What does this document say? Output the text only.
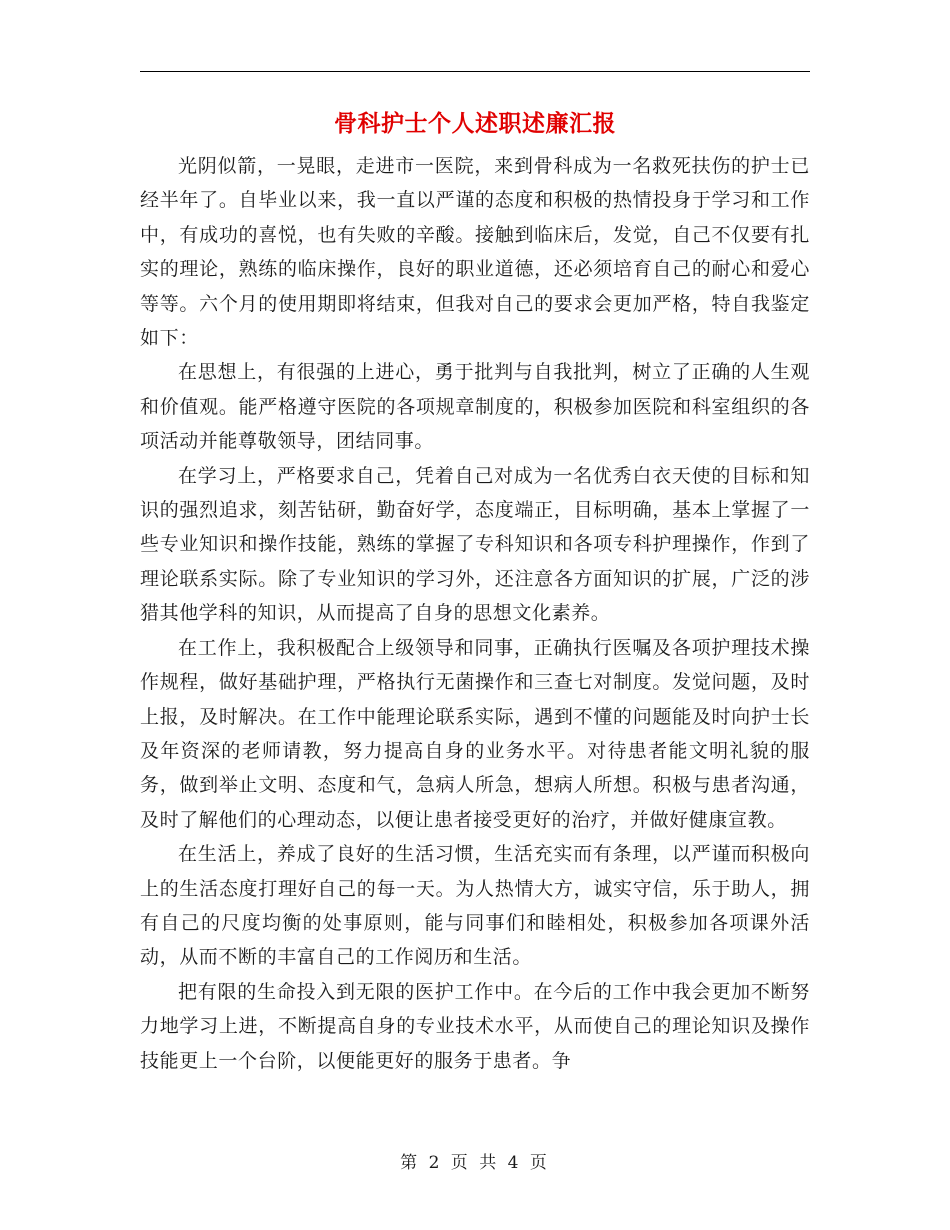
骨科护士个人述职述廉汇报

光阴似箭，一晃眼，走进市一医院，来到骨科成为一名救死扶伤的护士已经半年了。自毕业以来，我一直以严谨的态度和积极的热情投身于学习和工作中，有成功的喜悦，也有失败的辛酸。接触到临床后，发觉，自己不仅要有扎实的理论，熟练的临床操作，良好的职业道德，还必须培育自己的耐心和爱心等等。六个月的使用期即将结束，但我对自己的要求会更加严格，特自我鉴定如下：

在思想上，有很强的上进心，勇于批判与自我批判，树立了正确的人生观和价值观。能严格遵守医院的各项规章制度的，积极参加医院和科室组织的各项活动并能尊敬领导，团结同事。

在学习上，严格要求自己，凭着自己对成为一名优秀白衣天使的目标和知识的强烈追求，刻苦钻研，勤奋好学，态度端正，目标明确，基本上掌握了一些专业知识和操作技能，熟练的掌握了专科知识和各项专科护理操作，作到了理论联系实际。除了专业知识的学习外，还注意各方面知识的扩展，广泛的涉猎其他学科的知识，从而提高了自身的思想文化素养。

在工作上，我积极配合上级领导和同事，正确执行医嘱及各项护理技术操作规程，做好基础护理，严格执行无菌操作和三查七对制度。发觉问题，及时上报，及时解决。在工作中能理论联系实际，遇到不懂的问题能及时向护士长及年资深的老师请教，努力提高自身的业务水平。对待患者能文明礼貌的服务，做到举止文明、态度和气，急病人所急，想病人所想。积极与患者沟通，及时了解他们的心理动态，以便让患者接受更好的治疗，并做好健康宣教。

在生活上，养成了良好的生活习惯，生活充实而有条理，以严谨而积极向上的生活态度打理好自己的每一天。为人热情大方，诚实守信，乐于助人，拥有自己的尺度均衡的处事原则，能与同事们和睦相处，积极参加各项课外活动，从而不断的丰富自己的工作阅历和生活。

把有限的生命投入到无限的医护工作中。在今后的工作中我会更加不断努力地学习上进，不断提高自身的专业技术水平，从而使自己的理论知识及操作技能更上一个台阶，以便能更好的服务于患者。争

第 2 页 共 4 页
